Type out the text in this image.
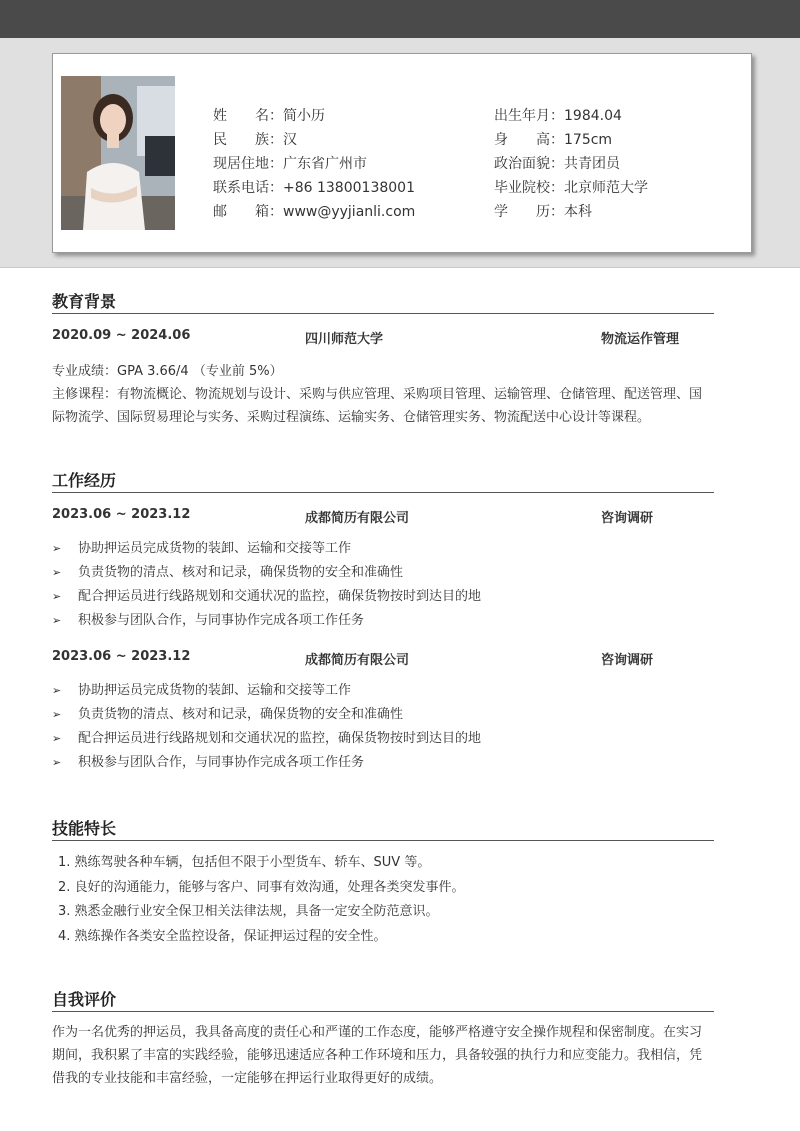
姓名 ： 简小历
民族 ： 汉
现居住地 ： 广东省广州市
联系电话 ： +86 13800138001
邮箱 ： www@yyjianli.com
出生年月 ： 1984.04
身高 ： 175cm
政治面貌 ： 共青团员
毕业院校 ： 北京师范大学
学历 ： 本科
教育背景
2020.09 ~ 2024.06	四川师范大学	物流运作管理
专业成绩：GPA 3.66/4 （专业前 5%）
主修课程：有物流概论、物流规划与设计、采购与供应管理、采购项目管理、运输管理、仓储管理、配送管理、国际物流学、国际贸易理论与实务、采购过程演练、运输实务、仓储管理实务、物流配送中心设计等课程。
工作经历
2023.06 ~ 2023.12	成都简历有限公司	咨询调研
➢ 协助押运员完成货物的装卸、运输和交接等工作
➢ 负责货物的清点、核对和记录，确保货物的安全和准确性
➢ 配合押运员进行线路规划和交通状况的监控，确保货物按时到达目的地
➢ 积极参与团队合作，与同事协作完成各项工作任务
2023.06 ~ 2023.12	成都简历有限公司	咨询调研
➢ 协助押运员完成货物的装卸、运输和交接等工作
➢ 负责货物的清点、核对和记录，确保货物的安全和准确性
➢ 配合押运员进行线路规划和交通状况的监控，确保货物按时到达目的地
➢ 积极参与团队合作，与同事协作完成各项工作任务
技能特长
1. 熟练驾驶各种车辆，包括但不限于小型货车、轿车、SUV 等。
2. 良好的沟通能力，能够与客户、同事有效沟通，处理各类突发事件。
3. 熟悉金融行业安全保卫相关法律法规，具备一定安全防范意识。
4. 熟练操作各类安全监控设备，保证押运过程的安全性。
自我评价
作为一名优秀的押运员，我具备高度的责任心和严谨的工作态度，能够严格遵守安全操作规程和保密制度。在实习期间，我积累了丰富的实践经验，能够迅速适应各种工作环境和压力，具备较强的执行力和应变能力。我相信，凭借我的专业技能和丰富经验，一定能够在押运行业取得更好的成绩。
